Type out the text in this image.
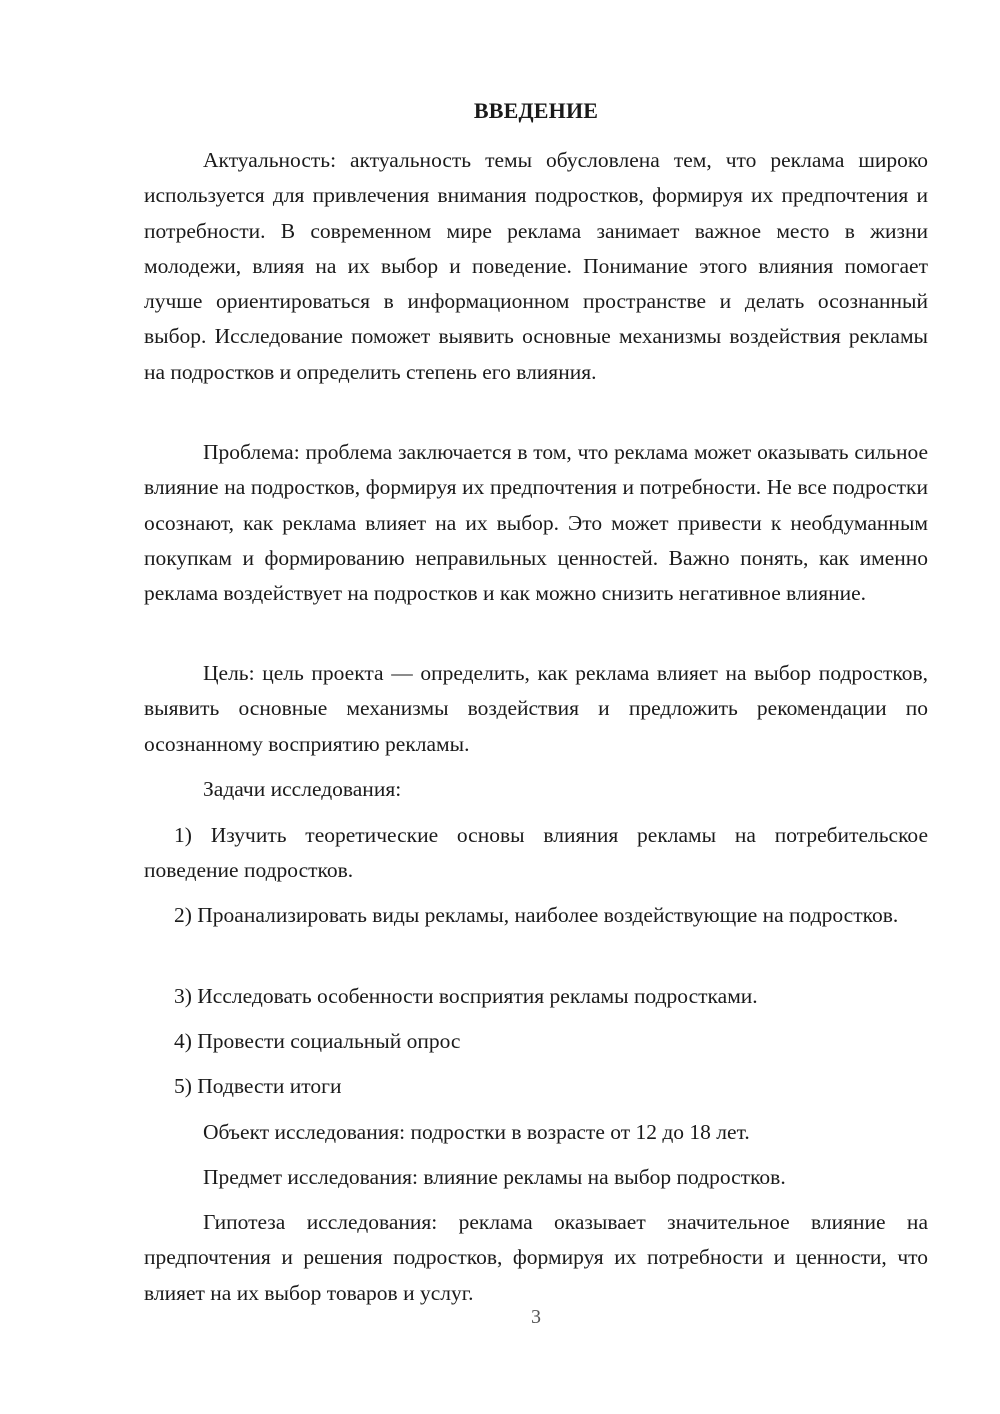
ВВЕДЕНИЕ

Актуальность: актуальность темы обусловлена тем, что реклама широко используется для привлечения внимания подростков, формируя их предпочтения и потребности. В современном мире реклама занимает важное место в жизни молодежи, влияя на их выбор и поведение. Понимание этого влияния помогает лучше ориентироваться в информационном пространстве и делать осознанный выбор. Исследование поможет выявить основные механизмы воздействия рекламы на подростков и определить степень его влияния.

Проблема: проблема заключается в том, что реклама может оказывать сильное влияние на подростков, формируя их предпочтения и потребности. Не все подростки осознают, как реклама влияет на их выбор. Это может привести к необдуманным покупкам и формированию неправильных ценностей. Важно понять, как именно реклама воздействует на подростков и как можно снизить негативное влияние.

Цель: цель проекта — определить, как реклама влияет на выбор подростков, выявить основные механизмы воздействия и предложить рекомендации по осознанному восприятию рекламы.

Задачи исследования:

1) Изучить теоретические основы влияния рекламы на потребительское поведение подростков.

2) Проанализировать виды рекламы, наиболее воздействующие на подростков.

3) Исследовать особенности восприятия рекламы подростками.

4) Провести социальный опрос

5) Подвести итоги

Объект исследования: подростки в возрасте от 12 до 18 лет.

Предмет исследования: влияние рекламы на выбор подростков.

Гипотеза исследования: реклама оказывает значительное влияние на предпочтения и решения подростков, формируя их потребности и ценности, что влияет на их выбор товаров и услуг.

3
